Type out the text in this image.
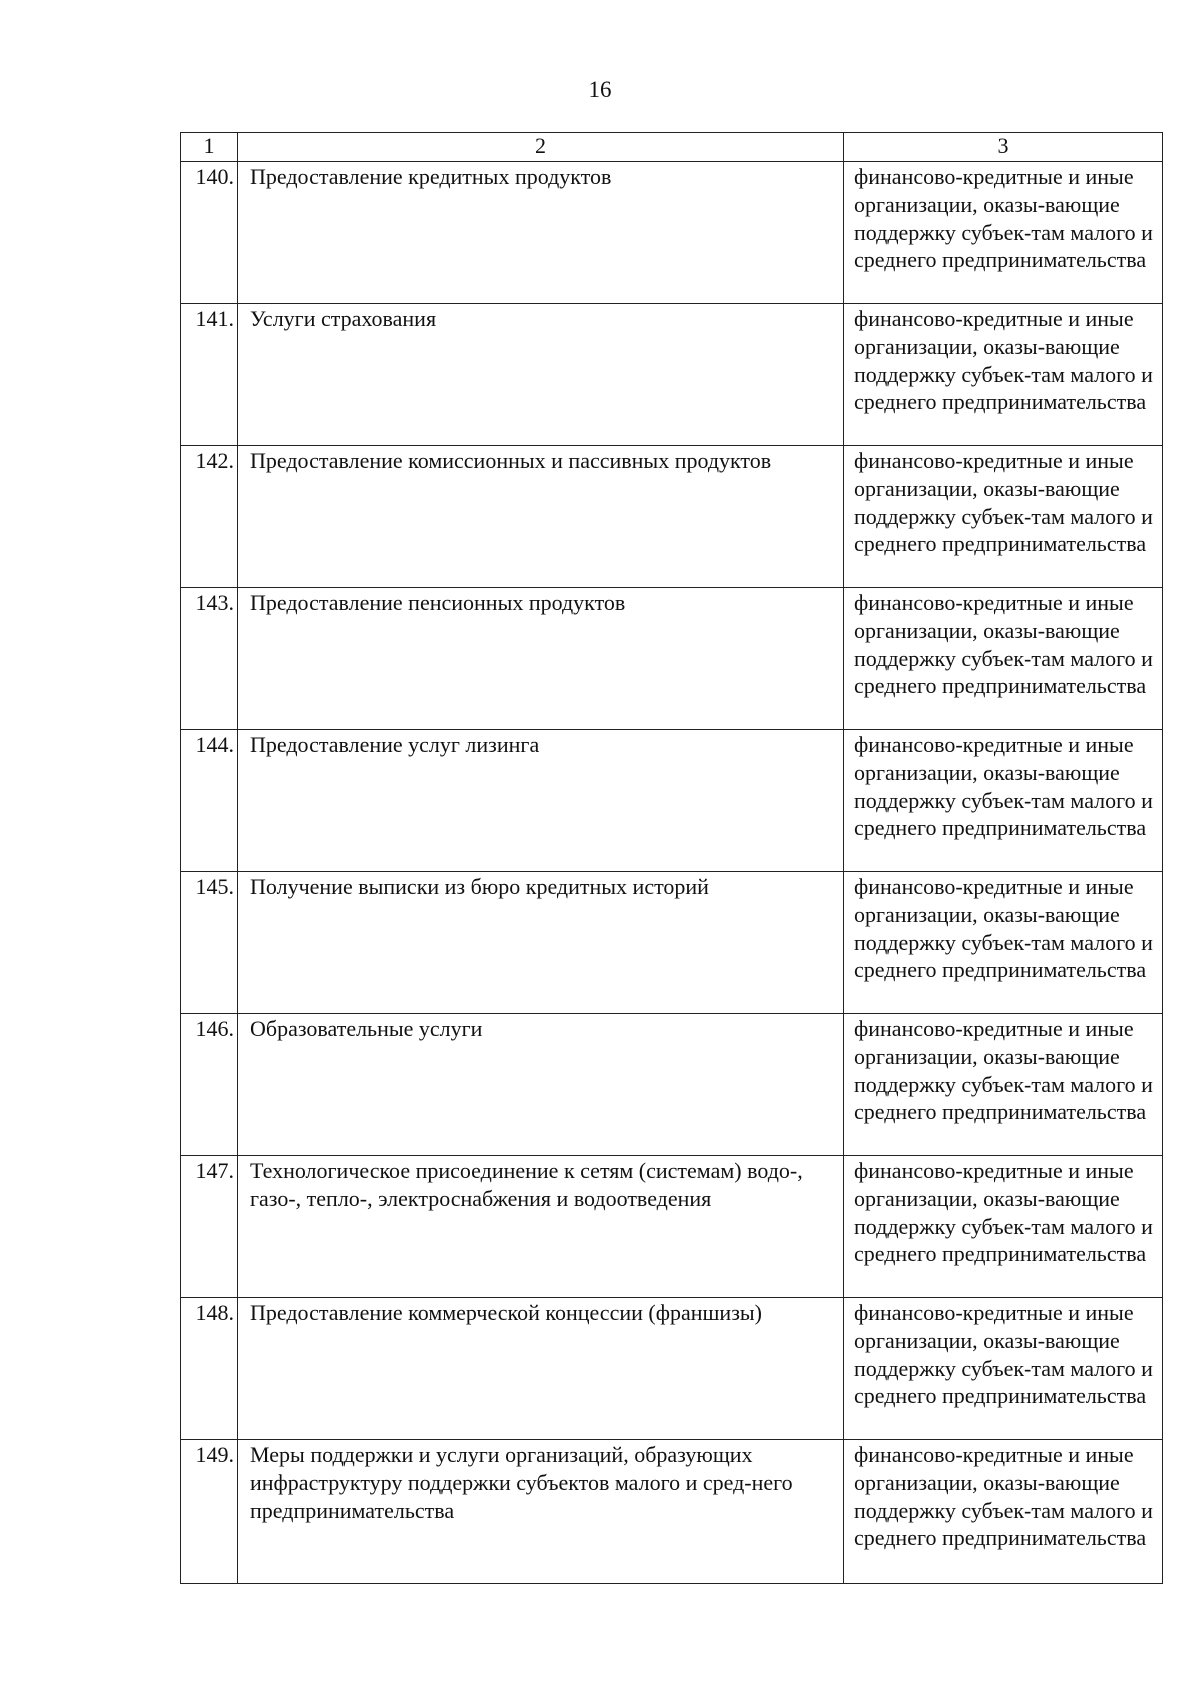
16
1	2	3
140.	Предоставление кредитных продуктов	финансово-кредитные и иные организации, оказы-вающие поддержку субъек-там малого и среднего предпринимательства
141.	Услуги страхования	финансово-кредитные и иные организации, оказы-вающие поддержку субъек-там малого и среднего предпринимательства
142.	Предоставление комиссионных и пассивных продуктов	финансово-кредитные и иные организации, оказы-вающие поддержку субъек-там малого и среднего предпринимательства
143.	Предоставление пенсионных продуктов	финансово-кредитные и иные организации, оказы-вающие поддержку субъек-там малого и среднего предпринимательства
144.	Предоставление услуг лизинга	финансово-кредитные и иные организации, оказы-вающие поддержку субъек-там малого и среднего предпринимательства
145.	Получение выписки из бюро кредитных историй	финансово-кредитные и иные организации, оказы-вающие поддержку субъек-там малого и среднего предпринимательства
146.	Образовательные услуги	финансово-кредитные и иные организации, оказы-вающие поддержку субъек-там малого и среднего предпринимательства
147.	Технологическое присоединение к сетям (системам) водо-, газо-, тепло-, электроснабжения и водоотведения	финансово-кредитные и иные организации, оказы-вающие поддержку субъек-там малого и среднего предпринимательства
148.	Предоставление коммерческой концессии (франшизы)	финансово-кредитные и иные организации, оказы-вающие поддержку субъек-там малого и среднего предпринимательства
149.	Меры поддержки и услуги организаций, образующих инфраструктуру поддержки субъектов малого и сред-него предпринимательства	финансово-кредитные и иные организации, оказы-вающие поддержку субъек-там малого и среднего предпринимательства
